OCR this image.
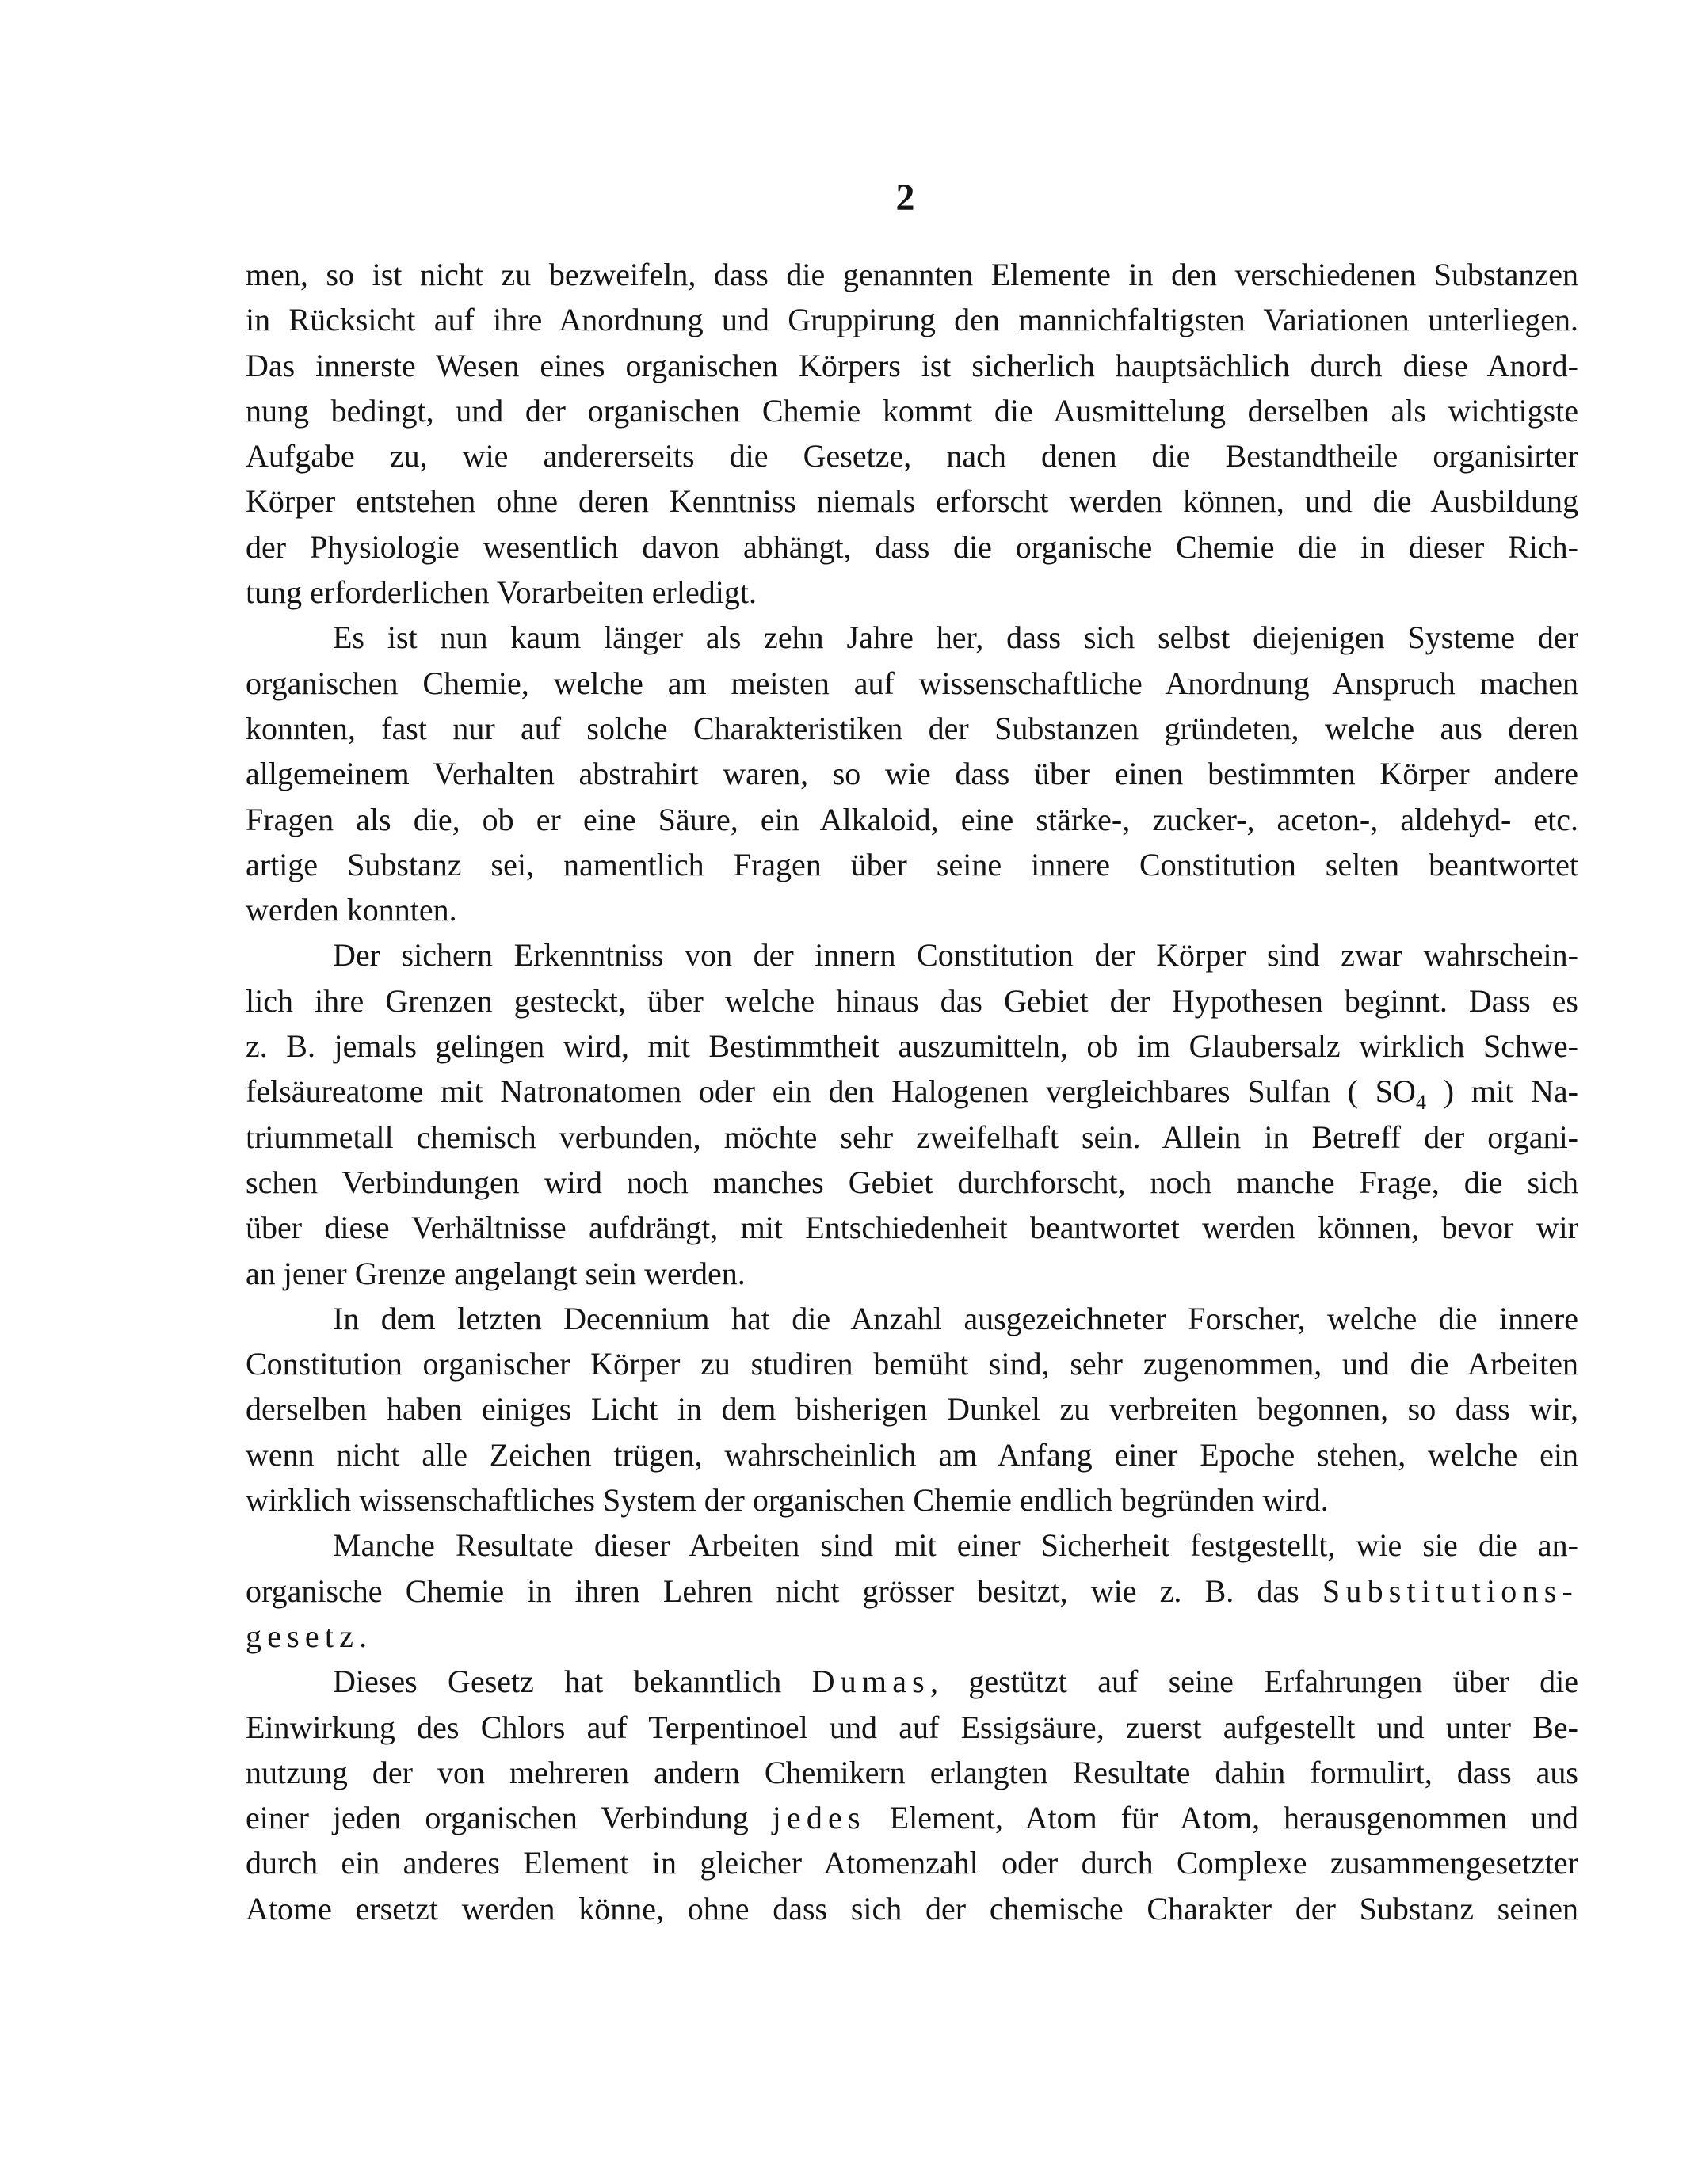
2
men, so ist nicht zu bezweifeln, dass die genannten Elemente in den verschiedenen Substanzen
in Rücksicht auf ihre Anordnung und Gruppirung den mannichfaltigsten Variationen unterliegen.
Das innerste Wesen eines organischen Körpers ist sicherlich hauptsächlich durch diese Anord-
nung bedingt, und der organischen Chemie kommt die Ausmittelung derselben als wichtigste
Aufgabe zu, wie andererseits die Gesetze, nach denen die Bestandtheile organisirter
Körper entstehen ohne deren Kenntniss niemals erforscht werden können, und die Ausbildung
der Physiologie wesentlich davon abhängt, dass die organische Chemie die in dieser Rich-
tung erforderlichen Vorarbeiten erledigt.
Es ist nun kaum länger als zehn Jahre her, dass sich selbst diejenigen Systeme der
organischen Chemie, welche am meisten auf wissenschaftliche Anordnung Anspruch machen
konnten, fast nur auf solche Charakteristiken der Substanzen gründeten, welche aus deren
allgemeinem Verhalten abstrahirt waren, so wie dass über einen bestimmten Körper andere
Fragen als die, ob er eine Säure, ein Alkaloid, eine stärke-, zucker-, aceton-, aldehyd- etc.
artige Substanz sei, namentlich Fragen über seine innere Constitution selten beantwortet
werden konnten.
Der sichern Erkenntniss von der innern Constitution der Körper sind zwar wahrschein-
lich ihre Grenzen gesteckt, über welche hinaus das Gebiet der Hypothesen beginnt. Dass es
z. B. jemals gelingen wird, mit Bestimmtheit auszumitteln, ob im Glaubersalz wirklich Schwe-
felsäureatome mit Natronatomen oder ein den Halogenen vergleichbares Sulfan ( $SO_4$ ) mit Na-
triummetall chemisch verbunden, möchte sehr zweifelhaft sein. Allein in Betreff der organi-
schen Verbindungen wird noch manches Gebiet durchforscht, noch manche Frage, die sich
über diese Verhältnisse aufdrängt, mit Entschiedenheit beantwortet werden können, bevor wir
an jener Grenze angelangt sein werden.
In dem letzten Decennium hat die Anzahl ausgezeichneter Forscher, welche die innere
Constitution organischer Körper zu studiren bemüht sind, sehr zugenommen, und die Arbeiten
derselben haben einiges Licht in dem bisherigen Dunkel zu verbreiten begonnen, so dass wir,
wenn nicht alle Zeichen trügen, wahrscheinlich am Anfang einer Epoche stehen, welche ein
wirklich wissenschaftliches System der organischen Chemie endlich begründen wird.
Manche Resultate dieser Arbeiten sind mit einer Sicherheit festgestellt, wie sie die an-
organische Chemie in ihren Lehren nicht grösser besitzt, wie z. B. das Substitutions-
gesetz.
Dieses Gesetz hat bekanntlich Dumas, gestützt auf seine Erfahrungen über die
Einwirkung des Chlors auf Terpentinoel und auf Essigsäure, zuerst aufgestellt und unter Be-
nutzung der von mehreren andern Chemikern erlangten Resultate dahin formulirt, dass aus
einer jeden organischen Verbindung jedes Element, Atom für Atom, herausgenommen und
durch ein anderes Element in gleicher Atomenzahl oder durch Complexe zusammengesetzter
Atome ersetzt werden könne, ohne dass sich der chemische Charakter der Substanz seinen
